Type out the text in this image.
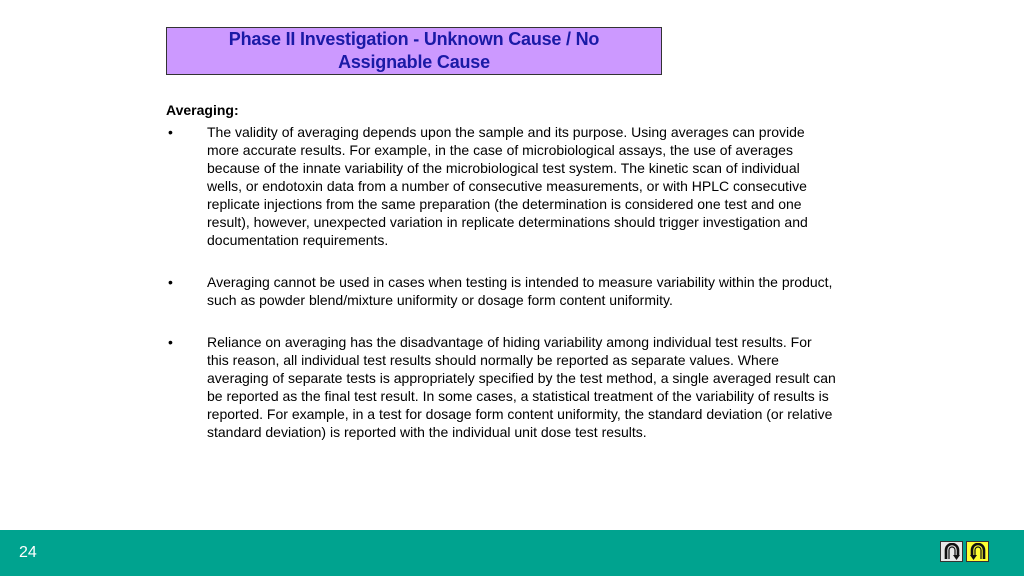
Phase II Investigation - Unknown Cause / No Assignable Cause
Averaging:
• The validity of averaging depends upon the sample and its purpose. Using averages can provide more accurate results. For example, in the case of microbiological assays, the use of averages because of the innate variability of the microbiological test system. The kinetic scan of individual wells, or endotoxin data from a number of consecutive measurements, or with HPLC consecutive replicate injections from the same preparation (the determination is considered one test and one result), however, unexpected variation in replicate determinations should trigger investigation and documentation requirements.
• Averaging cannot be used in cases when testing is intended to measure variability within the product, such as powder blend/mixture uniformity or dosage form content uniformity.
• Reliance on averaging has the disadvantage of hiding variability among individual test results. For this reason, all individual test results should normally be reported as separate values. Where averaging of separate tests is appropriately specified by the test method, a single averaged result can be reported as the final test result. In some cases, a statistical treatment of the variability of results is reported. For example, in a test for dosage form content uniformity, the standard deviation (or relative standard deviation) is reported with the individual unit dose test results.
24
